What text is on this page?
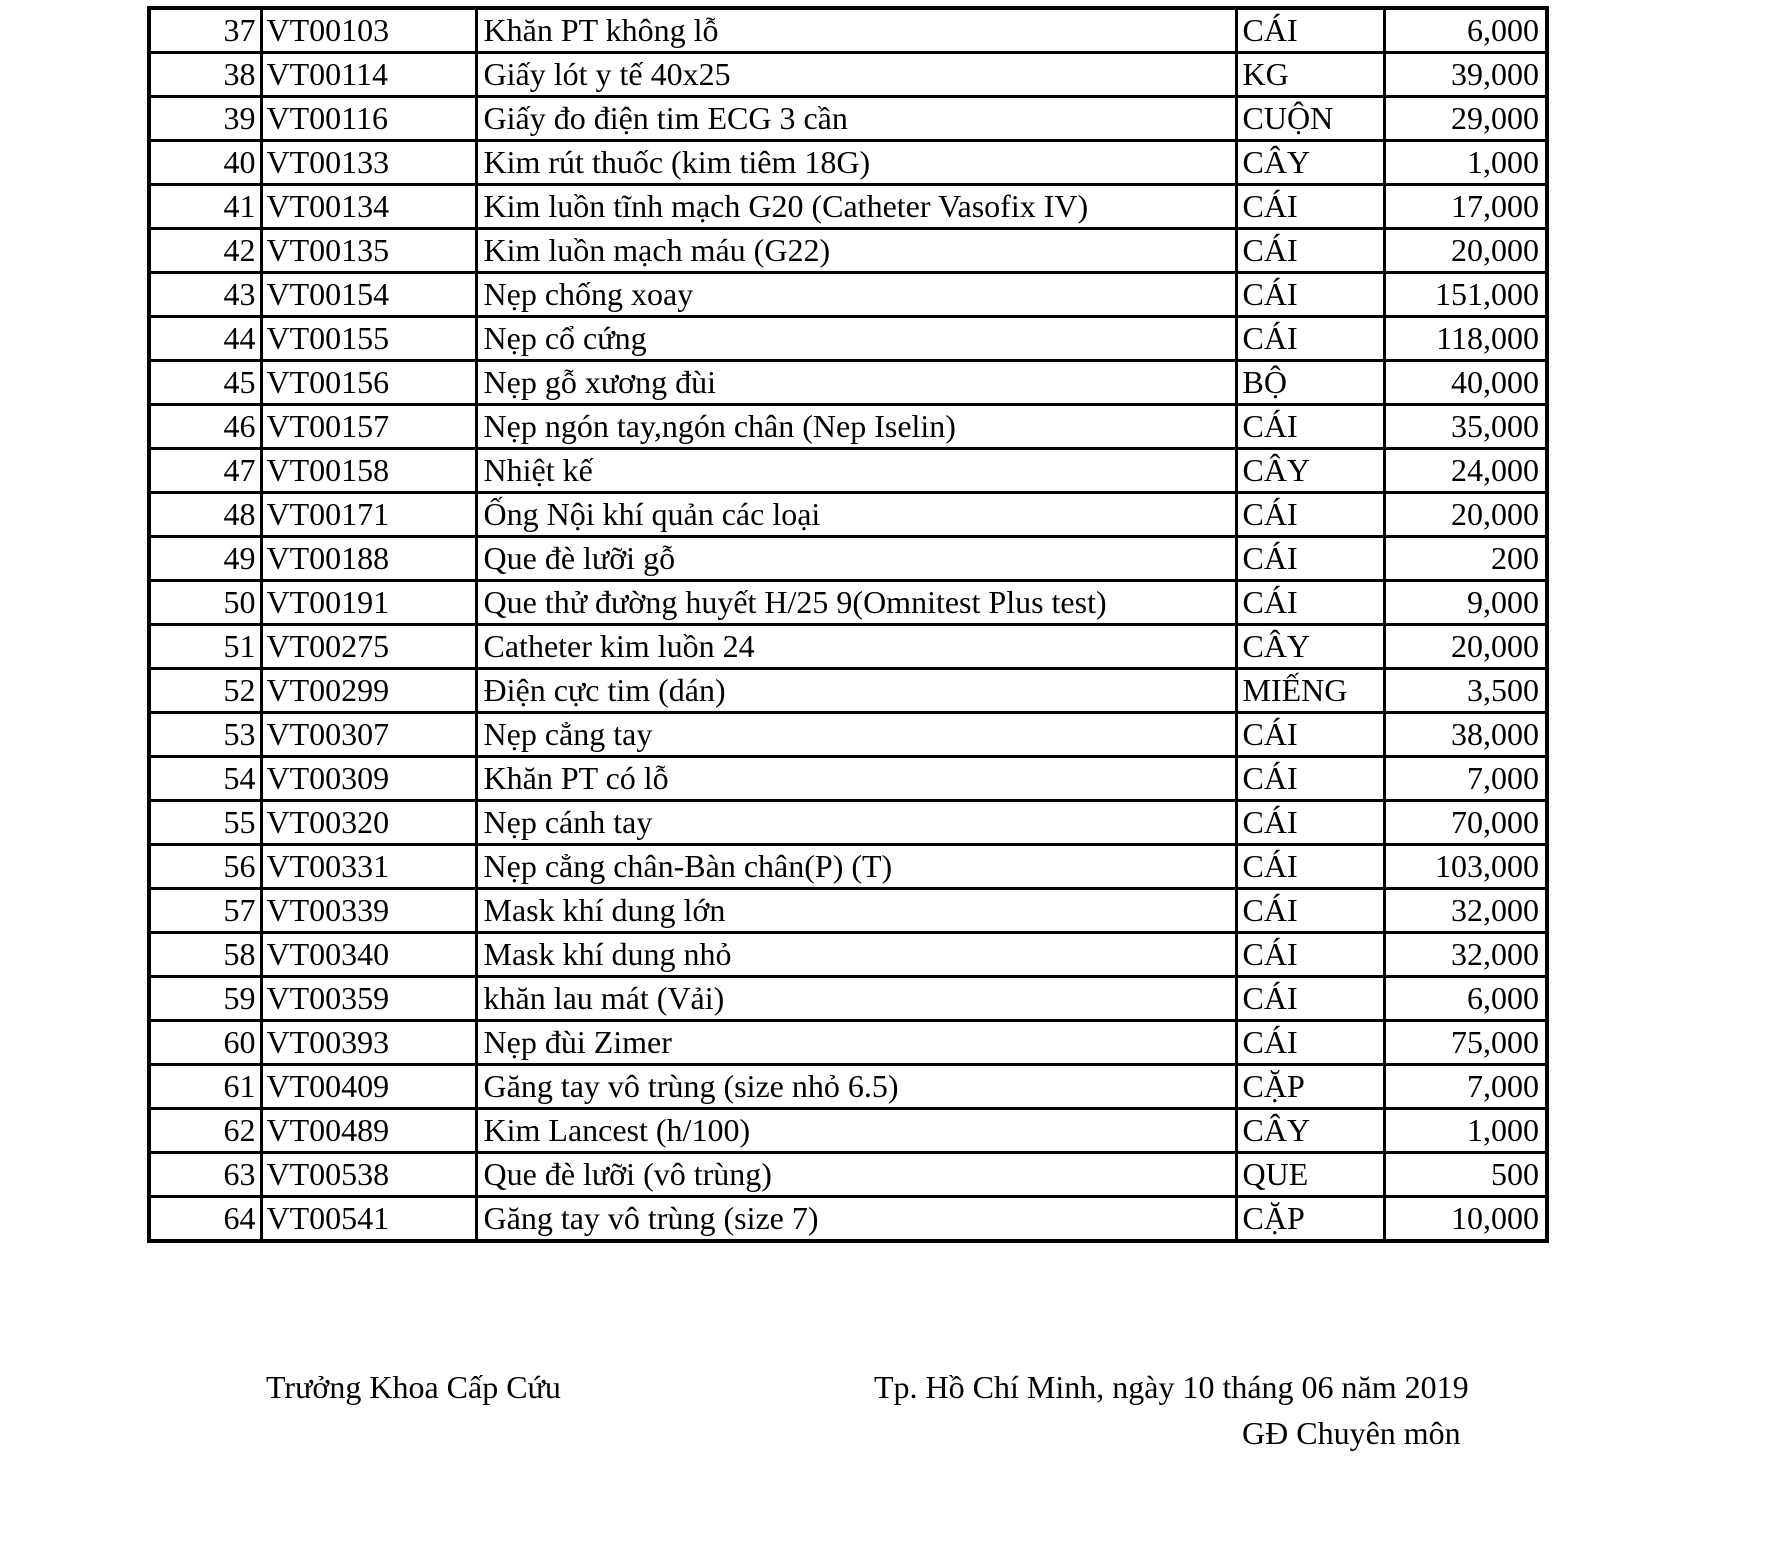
37	VT00103	Khăn PT không lỗ	CÁI	6,000
38	VT00114	Giấy lót y tế 40x25	KG	39,000
39	VT00116	Giấy đo điện tim ECG 3 cần	CUỘN	29,000
40	VT00133	Kim rút thuốc (kim tiêm 18G)	CÂY	1,000
41	VT00134	Kim luồn tĩnh mạch G20 (Catheter Vasofix IV)	CÁI	17,000
42	VT00135	Kim luồn mạch máu (G22)	CÁI	20,000
43	VT00154	Nẹp chống xoay	CÁI	151,000
44	VT00155	Nẹp cổ cứng	CÁI	118,000
45	VT00156	Nẹp gỗ xương đùi	BỘ	40,000
46	VT00157	Nẹp ngón tay,ngón chân (Nep Iselin)	CÁI	35,000
47	VT00158	Nhiệt kế	CÂY	24,000
48	VT00171	Ống Nội khí quản các loại	CÁI	20,000
49	VT00188	Que đè lưỡi gỗ	CÁI	200
50	VT00191	Que thử đường huyết H/25 9(Omnitest Plus test)	CÁI	9,000
51	VT00275	Catheter kim luồn 24	CÂY	20,000
52	VT00299	Điện cực tim (dán)	MIẾNG	3,500
53	VT00307	Nẹp cẳng tay	CÁI	38,000
54	VT00309	Khăn PT có lỗ	CÁI	7,000
55	VT00320	Nẹp cánh tay	CÁI	70,000
56	VT00331	Nẹp cẳng chân-Bàn chân(P) (T)	CÁI	103,000
57	VT00339	Mask khí dung lớn	CÁI	32,000
58	VT00340	Mask khí dung nhỏ	CÁI	32,000
59	VT00359	khăn lau mát (Vải)	CÁI	6,000
60	VT00393	Nẹp đùi Zimer	CÁI	75,000
61	VT00409	Găng tay vô trùng (size nhỏ 6.5)	CẶP	7,000
62	VT00489	Kim Lancest (h/100)	CÂY	1,000
63	VT00538	Que đè lưỡi (vô trùng)	QUE	500
64	VT00541	Găng tay vô trùng (size 7)	CẶP	10,000
Trưởng Khoa Cấp Cứu	Tp. Hồ Chí Minh, ngày 10 tháng 06 năm 2019
GĐ Chuyên môn
